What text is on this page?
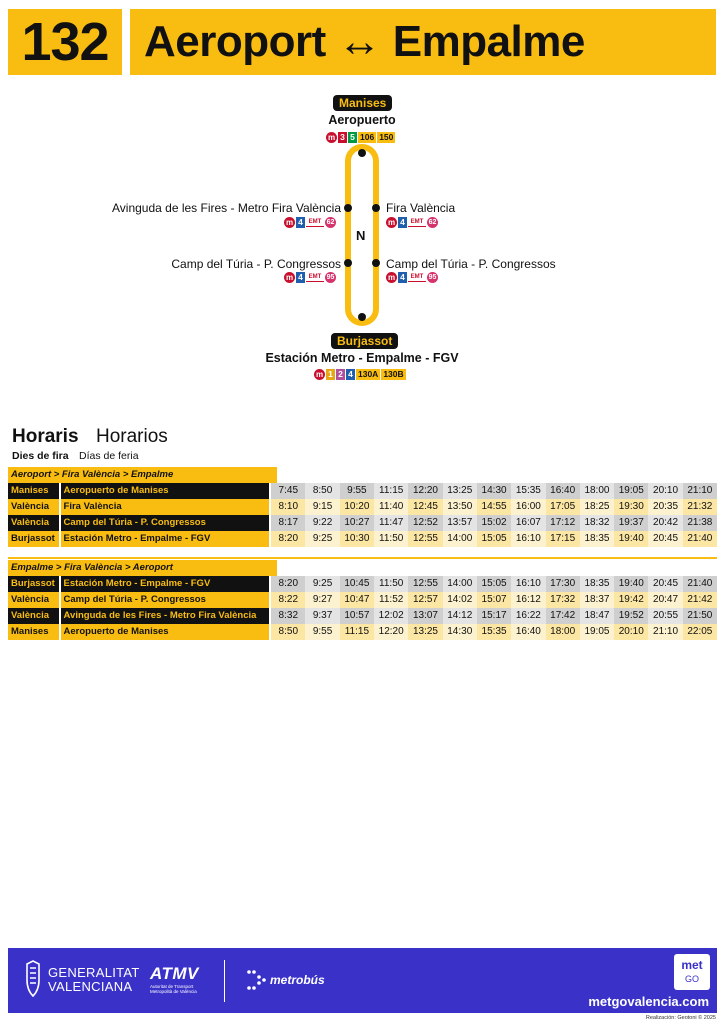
132 Aeroport ↔ Empalme
N
Manises
Aeropuerto
m 3 5 106 150
Avinguda de les Fires - Metro Fira València
m 4 EMT 62
Camp del Túria - P. Congressos
m 4 EMT 95
Fira València
m 4 EMT 62
Camp del Túria - P. Congressos
m 4 EMT 95
Burjassot
Estación Metro - Empalme - FGV
m 1 2 4 130A 130B
Horaris Horarios
Dies de fira Días de feria
Aeroport > Fira València > Empalme
Manises	Aeropuerto de Manises	7:45	8:50	9:55	11:15 12:20 13:25 14:30 15:35 16:40 18:00 19:05 20:10 21:10
València	Fira València	8:10	9:15	10:20 11:40 12:45 13:50 14:55 16:00 17:05 18:25 19:30 20:35 21:32
València	Camp del Túria - P. Congressos	8:17	9:22	10:27 11:47 12:52 13:57 15:02 16:07 17:12 18:32 19:37 20:42 21:38
Burjassot Estación Metro - Empalme - FGV	8:20	9:25	10:30 11:50 12:55 14:00 15:05 16:10 17:15 18:35 19:40 20:45 21:40
Empalme > Fira València > Aeroport
Burjassot Estación Metro - Empalme - FGV	8:20	9:25	10:45 11:50 12:55 14:00 15:05 16:10 17:30 18:35 19:40 20:45 21:40
València	Camp del Túria - P. Congressos	8:22	9:27	10:47 11:52 12:57 14:02 15:07 16:12 17:32 18:37 19:42 20:47 21:42
València	Avinguda de les Fires - Metro Fira València	8:32	9:37	10:57 12:02 13:07 14:12 15:17 16:22 17:42 18:47 19:52 20:55 21:50
Manises	Aeropuerto de Manises	8:50	9:55	11:15 12:20 13:25 14:30 15:35 16:40 18:00 19:05 20:10 21:10 22:05
GENERALITAT
VALENCIANA
ATMV
Autoritat de Transport Metropolità de València
metrobús
met
GO
metgovalencia.com
Realización: Geotoni © 2025
